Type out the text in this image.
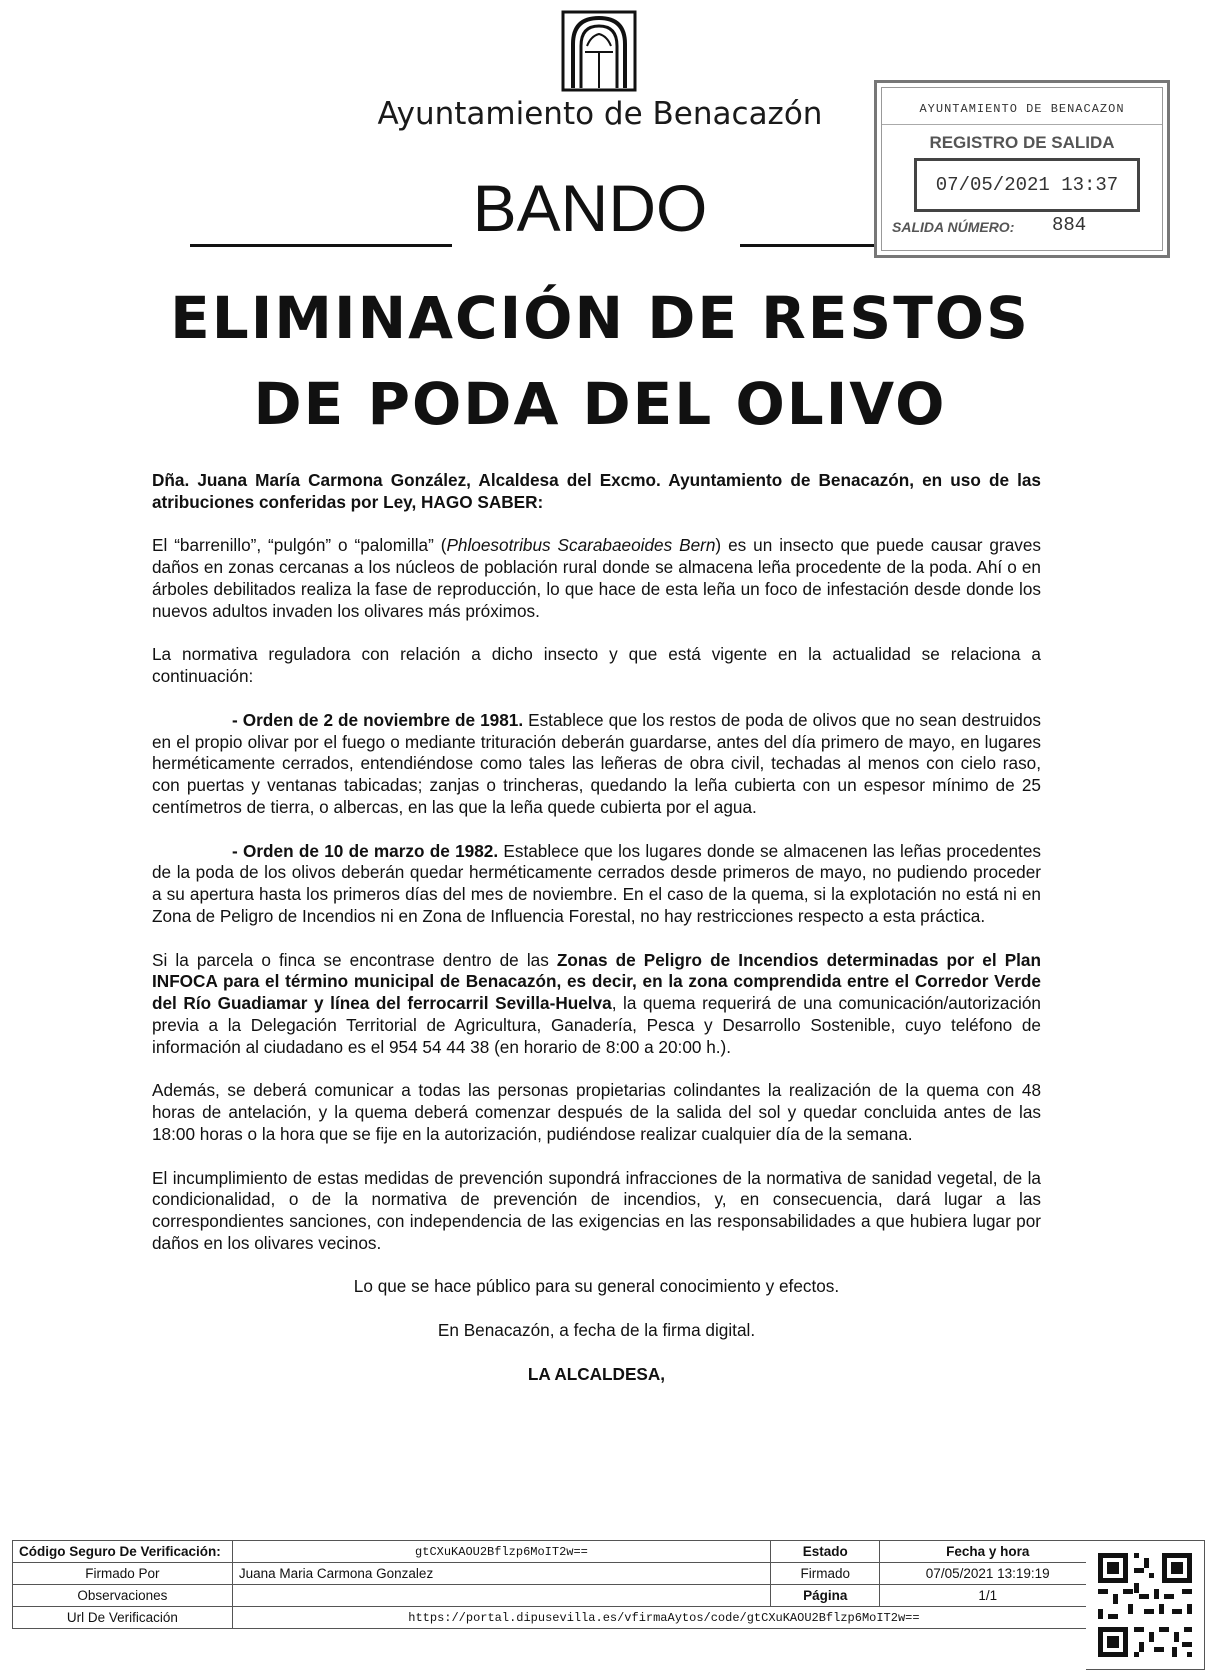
Ayuntamiento de Benacazón
BANDO
AYUNTAMIENTO DE BENACAZON
REGISTRO DE SALIDA
07/05/2021 13:37
SALIDA NÚMERO: 884
ELIMINACIÓN DE RESTOS
DE PODA DEL OLIVO

Dña. Juana María Carmona González, Alcaldesa del Excmo. Ayuntamiento de Benacazón, en uso de las atribuciones conferidas por Ley, HAGO SABER:

El “barrenillo”, “pulgón” o “palomilla” (Phloesotribus Scarabaeoides Bern) es un insecto que puede causar graves daños en zonas cercanas a los núcleos de población rural donde se almacena leña procedente de la poda. Ahí o en árboles debilitados realiza la fase de reproducción, lo que hace de esta leña un foco de infestación desde donde los nuevos adultos invaden los olivares más próximos.

La normativa reguladora con relación a dicho insecto y que está vigente en la actualidad se relaciona a continuación:

- Orden de 2 de noviembre de 1981. Establece que los restos de poda de olivos que no sean destruidos en el propio olivar por el fuego o mediante trituración deberán guardarse, antes del día primero de mayo, en lugares herméticamente cerrados, entendiéndose como tales las leñeras de obra civil, techadas al menos con cielo raso, con puertas y ventanas tabicadas; zanjas o trincheras, quedando la leña cubierta con un espesor mínimo de 25 centímetros de tierra, o albercas, en las que la leña quede cubierta por el agua.

- Orden de 10 de marzo de 1982. Establece que los lugares donde se almacenen las leñas procedentes de la poda de los olivos deberán quedar herméticamente cerrados desde primeros de mayo, no pudiendo proceder a su apertura hasta los primeros días del mes de noviembre. En el caso de la quema, si la explotación no está ni en Zona de Peligro de Incendios ni en Zona de Influencia Forestal, no hay restricciones respecto a esta práctica.

Si la parcela o finca se encontrase dentro de las Zonas de Peligro de Incendios determinadas por el Plan INFOCA para el término municipal de Benacazón, es decir, en la zona comprendida entre el Corredor Verde del Río Guadiamar y línea del ferrocarril Sevilla-Huelva, la quema requerirá de una comunicación/autorización previa a la Delegación Territorial de Agricultura, Ganadería, Pesca y Desarrollo Sostenible, cuyo teléfono de información al ciudadano es el 954 54 44 38 (en horario de 8:00 a 20:00 h.).

Además, se deberá comunicar a todas las personas propietarias colindantes la realización de la quema con 48 horas de antelación, y la quema deberá comenzar después de la salida del sol y quedar concluida antes de las 18:00 horas o la hora que se fije en la autorización, pudiéndose realizar cualquier día de la semana.

El incumplimiento de estas medidas de prevención supondrá infracciones de la normativa de sanidad vegetal, de la condicionalidad, o de la normativa de prevención de incendios, y, en consecuencia, dará lugar a las correspondientes sanciones, con independencia de las exigencias en las responsabilidades a que hubiera lugar por daños en los olivares vecinos.

Lo que se hace público para su general conocimiento y efectos.

En Benacazón, a fecha de la firma digital.

LA ALCALDESA,

Código Seguro De Verificación:	gtCXuKAOU2Bflzp6MoIT2w==	Estado	Fecha y hora
Firmado Por	Juana Maria Carmona Gonzalez	Firmado	07/05/2021 13:19:19
Observaciones		Página	1/1
Url De Verificación	https://portal.dipusevilla.es/vfirmaAytos/code/gtCXuKAOU2Bflzp6MoIT2w==		
